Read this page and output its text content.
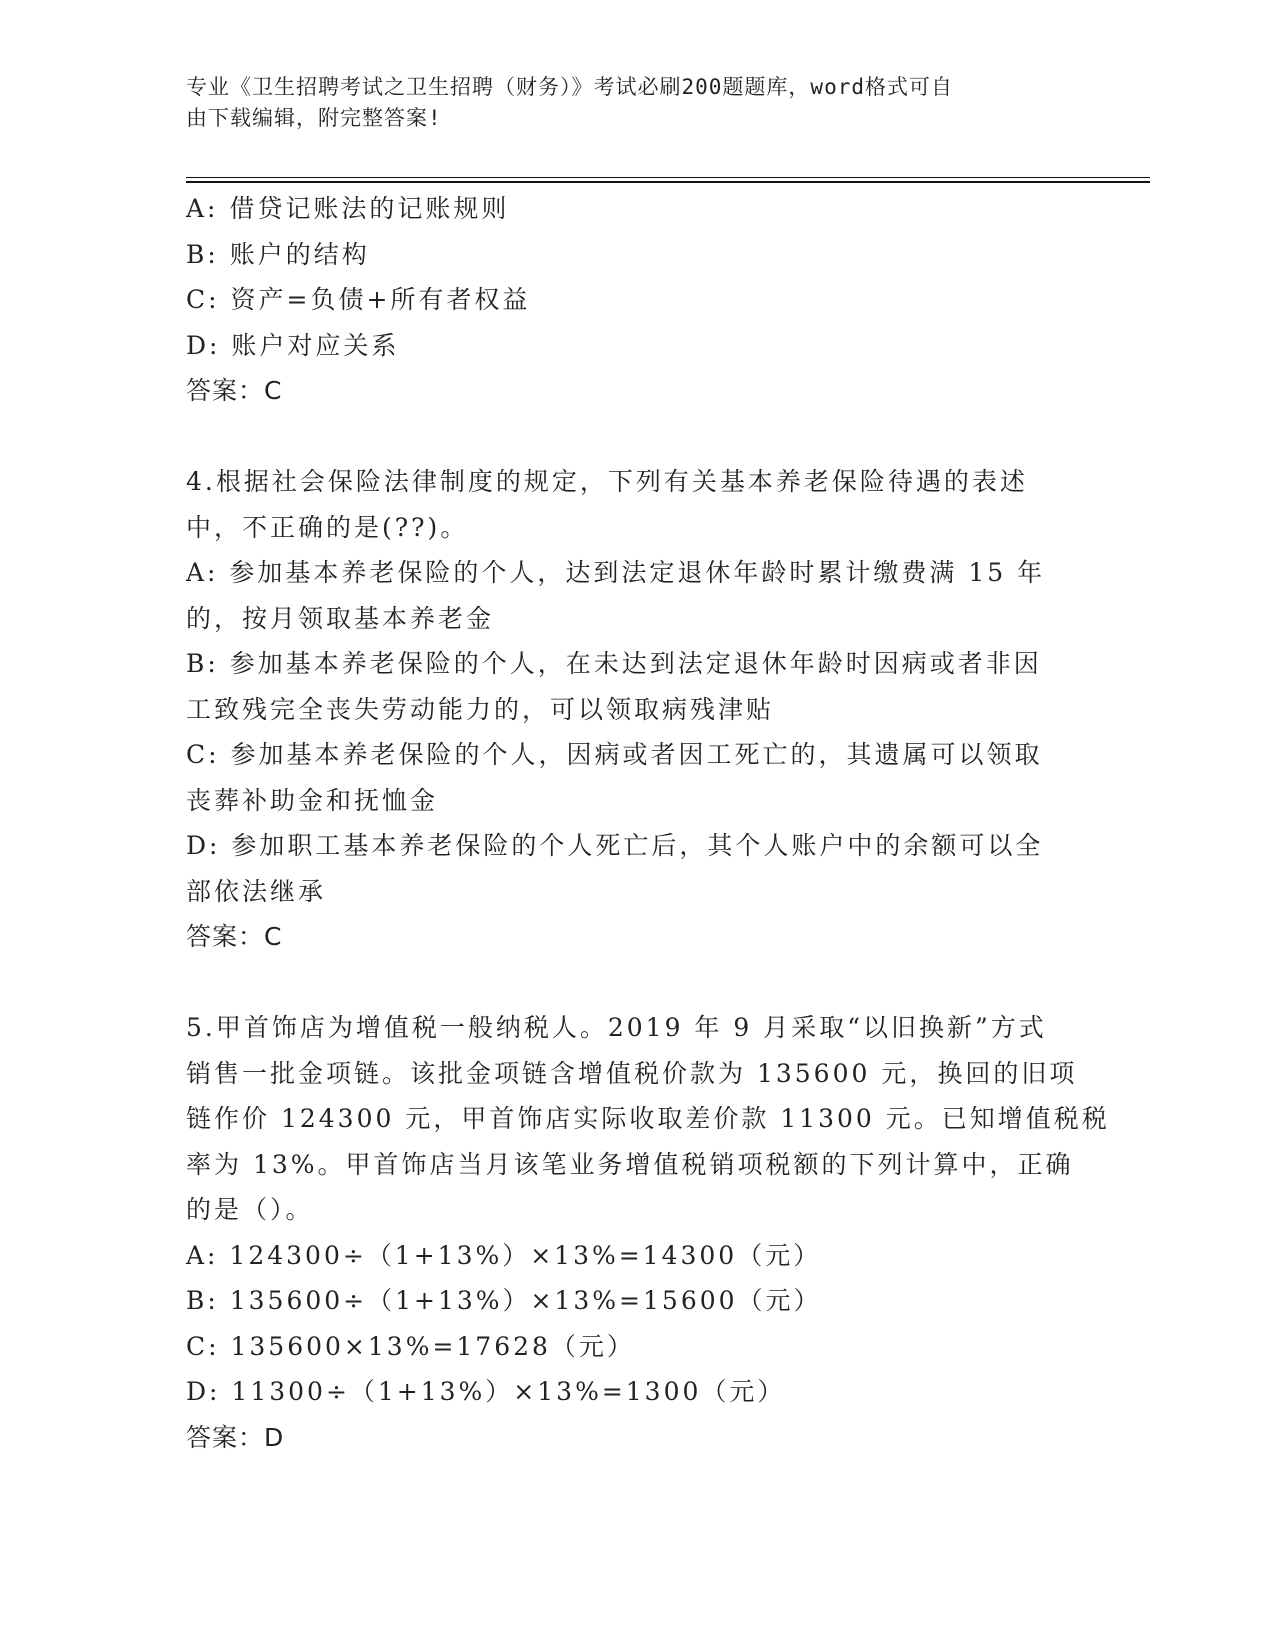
专业《卫生招聘考试之卫生招聘（财务）》考试必刷200题题库，word格式可自
由下载编辑，附完整答案!
A: 借贷记账法的记账规则
B: 账户的结构
C: 资产=负债+所有者权益
D: 账户对应关系
答案：C
4.根据社会保险法律制度的规定，下列有关基本养老保险待遇的表述
中，不正确的是(??)。
A: 参加基本养老保险的个人，达到法定退休年龄时累计缴费满 15 年
的，按月领取基本养老金
B: 参加基本养老保险的个人，在未达到法定退休年龄时因病或者非因
工致残完全丧失劳动能力的，可以领取病残津贴
C: 参加基本养老保险的个人，因病或者因工死亡的，其遗属可以领取
丧葬补助金和抚恤金
D: 参加职工基本养老保险的个人死亡后，其个人账户中的余额可以全
部依法继承
答案：C
5.甲首饰店为增值税一般纳税人。2019 年 9 月采取“以旧换新”方式
销售一批金项链。该批金项链含增值税价款为 135600 元，换回的旧项
链作价 124300 元，甲首饰店实际收取差价款 11300 元。已知增值税税
率为 13%。甲首饰店当月该笔业务增值税销项税额的下列计算中，正确
的是（）。
A: 124300÷（1+13%）×13%=14300（元）
B: 135600÷（1+13%）×13%=15600（元）
C: 135600×13%=17628（元）
D: 11300÷（1+13%）×13%=1300（元）
答案：D
